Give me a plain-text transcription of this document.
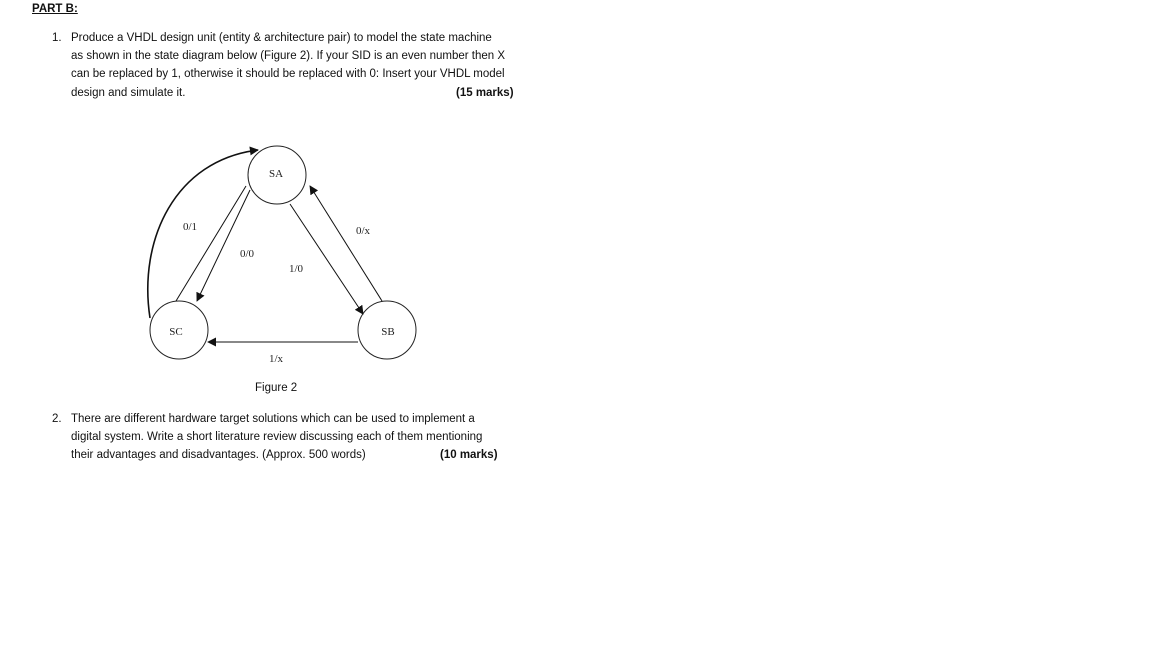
PART B:
1. Produce a VHDL design unit (entity & architecture pair) to model the state machine
as shown in the state diagram below (Figure 2). If your SID is an even number then X
can be replaced by 1, otherwise it should be replaced with 0: Insert your VHDL model
design and simulate it.	(15 marks)
SA
SB
SC
0/1
0/0
1/0
0/x
1/x
Figure 2
2. There are different hardware target solutions which can be used to implement a
digital system. Write a short literature review discussing each of them mentioning
their advantages and disadvantages. (Approx. 500 words)	(10 marks)
